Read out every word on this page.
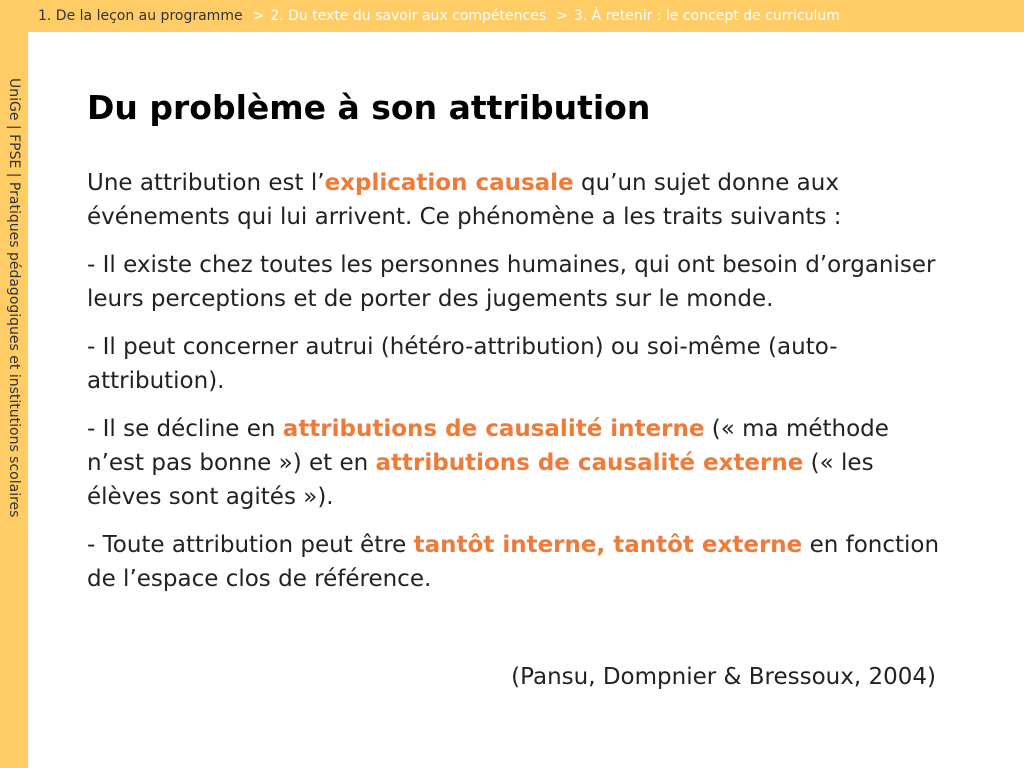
1. De la leçon au programme > 2. Du texte du savoir aux compétences > 3. À retenir : le concept de curriculum
UniGe | FPSE | Pratiques pédagogiques et institutions scolaires Du problème à son attribution

Une attribution est l’explication causale qu’un sujet donne aux événements qui lui arrivent. Ce phénomène a les traits suivants :

- Il existe chez toutes les personnes humaines, qui ont besoin d’organiser leurs perceptions et de porter des jugements sur le monde.

- Il peut concerner autrui (hétéro-attribution) ou soi-même (auto-attribution).

- Il se décline en attributions de causalité interne (« ma méthode n’est pas bonne ») et en attributions de causalité externe (« les élèves sont agités »).

- Toute attribution peut être tantôt interne, tantôt externe en fonction de l’espace clos de référence.

(Pansu, Dompnier & Bressoux, 2004)
